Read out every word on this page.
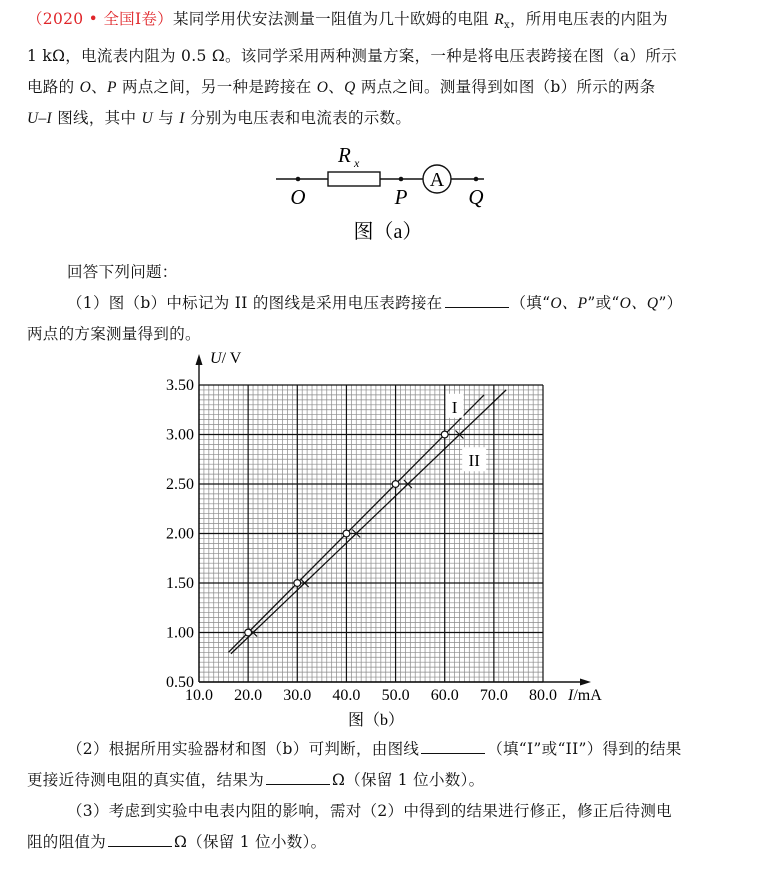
（2020 • 全国I卷）某同学用伏安法测量一阻值为几十欧姆的电阻 $R_x$，所用电压表的内阻为
1 kΩ，电流表内阻为 0.5 Ω。该同学采用两种测量方案，一种是将电压表跨接在图（a）所示
电路的 O、P 两点之间，另一种是跨接在 O、Q 两点之间。测量得到如图（b）所示的两条
U–I 图线，其中 U 与 I 分别为电压表和电流表的示数。
R x
A
O	P	Q
图（a）
回答下列问题：
（1）图（b）中标记为 II 的图线是采用电压表跨接在	（填“O、P”或“O、Q”）
两点的方案测量得到的。
10.0 20.0 30.0 40.0 50.0 60.0 70.0 80.0
0.50
1.00
1.50
2.00
2.50
3.00
3.50
I
II
U/ V
I/mA
图（b）
（2）根据所用实验器材和图（b）可判断，由图线	（填“I”或“II”）得到的结果
更接近待测电阻的真实值，结果为	Ω（保留 1 位小数）。
（3）考虑到实验中电表内阻的影响，需对（2）中得到的结果进行修正，修正后待测电
阻的阻值为	Ω（保留 1 位小数）。
